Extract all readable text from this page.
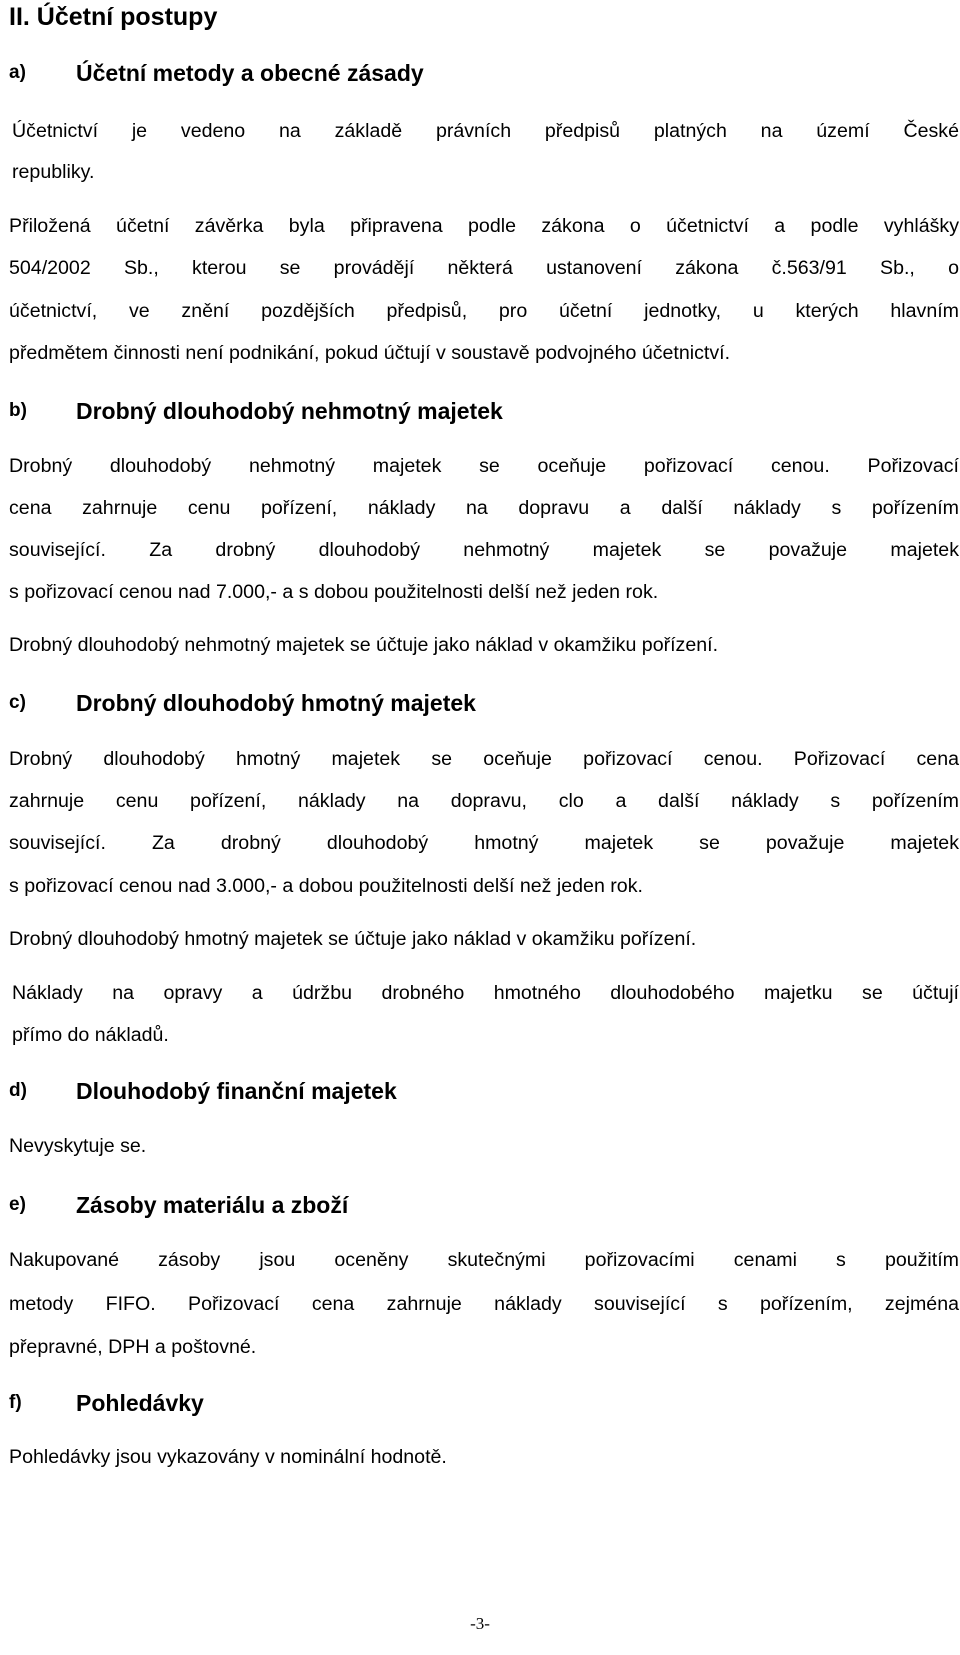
II. Účetní postupy
a) Účetní metody a obecné zásady
Účetnictví je vedeno na základě právních předpisů platných na území České
republiky.
Přiložená účetní závěrka byla připravena podle zákona o účetnictví a podle vyhlášky
504/2002 Sb., kterou se provádějí některá ustanovení zákona č.563/91 Sb., o
účetnictví, ve znění pozdějších předpisů, pro účetní jednotky, u kterých hlavním
předmětem činnosti není podnikání, pokud účtují v soustavě podvojného účetnictví.
b) Drobný dlouhodobý nehmotný majetek
Drobný dlouhodobý nehmotný majetek se oceňuje pořizovací cenou. Pořizovací
cena zahrnuje cenu pořízení, náklady na dopravu a další náklady s pořízením
související. Za drobný dlouhodobý nehmotný majetek se považuje majetek
s pořizovací cenou nad 7.000,- a s dobou použitelnosti delší než jeden rok.
Drobný dlouhodobý nehmotný majetek se účtuje jako náklad v okamžiku pořízení.
c) Drobný dlouhodobý hmotný majetek
Drobný dlouhodobý hmotný majetek se oceňuje pořizovací cenou. Pořizovací cena
zahrnuje cenu pořízení, náklady na dopravu, clo a další náklady s pořízením
související. Za drobný dlouhodobý hmotný majetek se považuje majetek
s pořizovací cenou nad 3.000,- a dobou použitelnosti delší než jeden rok.
Drobný dlouhodobý hmotný majetek se účtuje jako náklad v okamžiku pořízení.
Náklady na opravy a údržbu drobného hmotného dlouhodobého majetku se účtují
přímo do nákladů.
d) Dlouhodobý finanční majetek
Nevyskytuje se.
e) Zásoby materiálu a zboží
Nakupované zásoby jsou oceněny skutečnými pořizovacími cenami s použitím
metody FIFO. Pořizovací cena zahrnuje náklady související s pořízením, zejména
přepravné, DPH a poštovné.
f) Pohledávky
Pohledávky jsou vykazovány v nominální hodnotě.
-3-
